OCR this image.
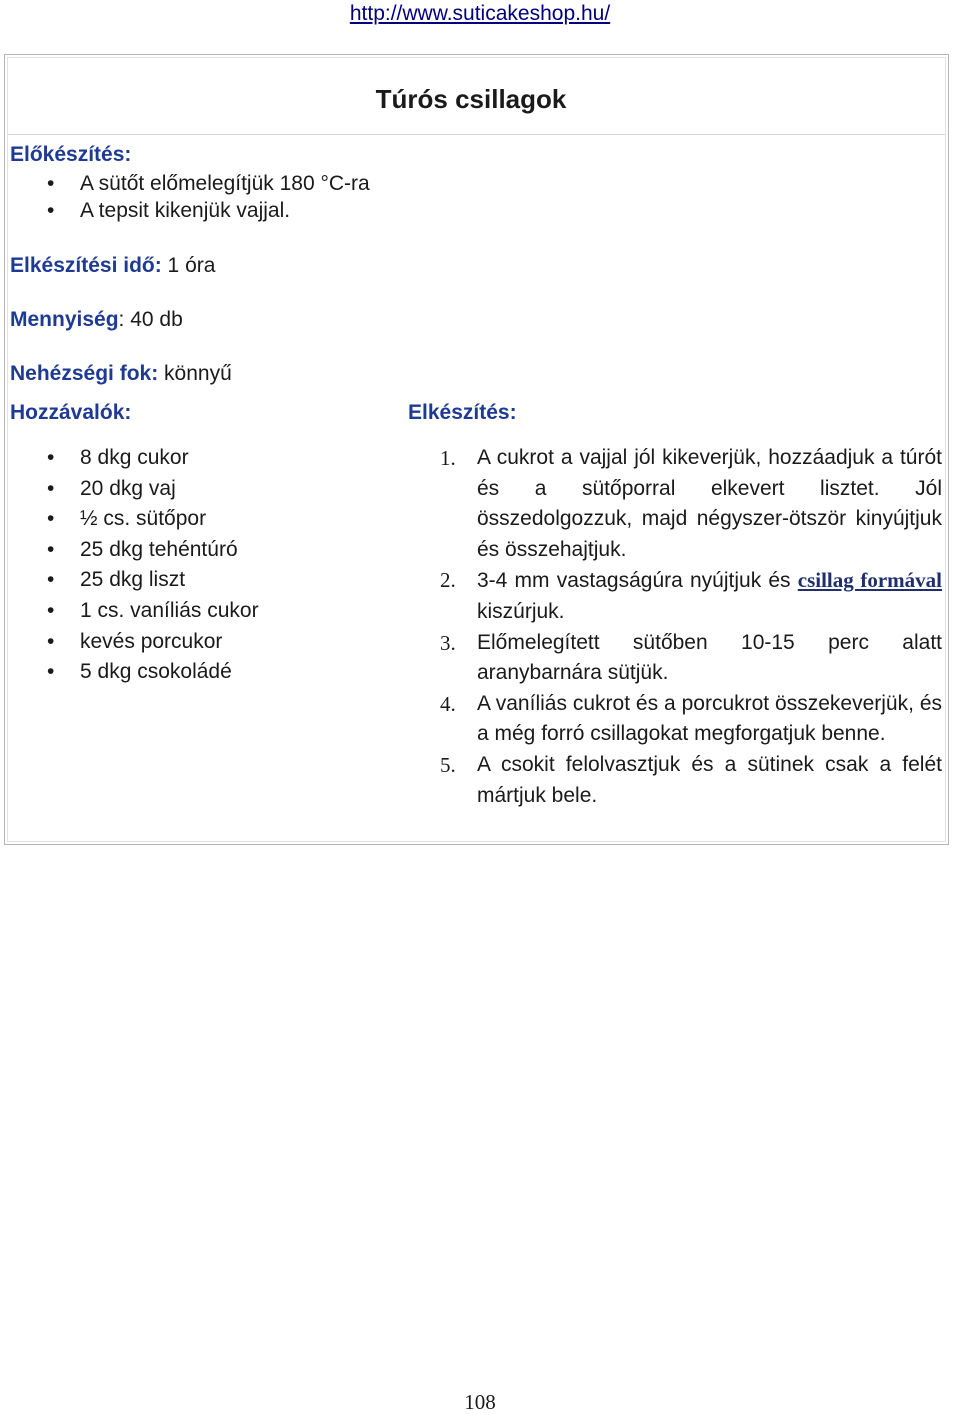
http://www.suticakeshop.hu/
Túrós csillagok
Előkészítés:
• A sütőt előmelegítjük 180 °C-ra
• A tepsit kikenjük vajjal.
Elkészítési idő: 1 óra
Mennyiség: 40 db
Nehézségi fok: könnyű
Hozzávalók:
• 8 dkg cukor
• 20 dkg vaj
• ½ cs. sütőpor
• 25 dkg tehéntúró
• 25 dkg liszt
• 1 cs. vaníliás cukor
• kevés porcukor
• 5 dkg csokoládé
Elkészítés:
1. A cukrot a vajjal jól kikeverjük, hozzáadjuk a túrót és a sütőporral elkevert lisztet. Jól összedolgozzuk, majd négyszer-ötször kinyújtjuk és összehajtjuk.
2. 3-4 mm vastagságúra nyújtjuk és csillag formával kiszúrjuk.
3. Előmelegített sütőben 10-15 perc alatt aranybarnára sütjük.
4. A vaníliás cukrot és a porcukrot összekeverjük, és a még forró csillagokat megforgatjuk benne.
5. A csokit felolvasztjuk és a sütinek csak a felét mártjuk bele.
108
